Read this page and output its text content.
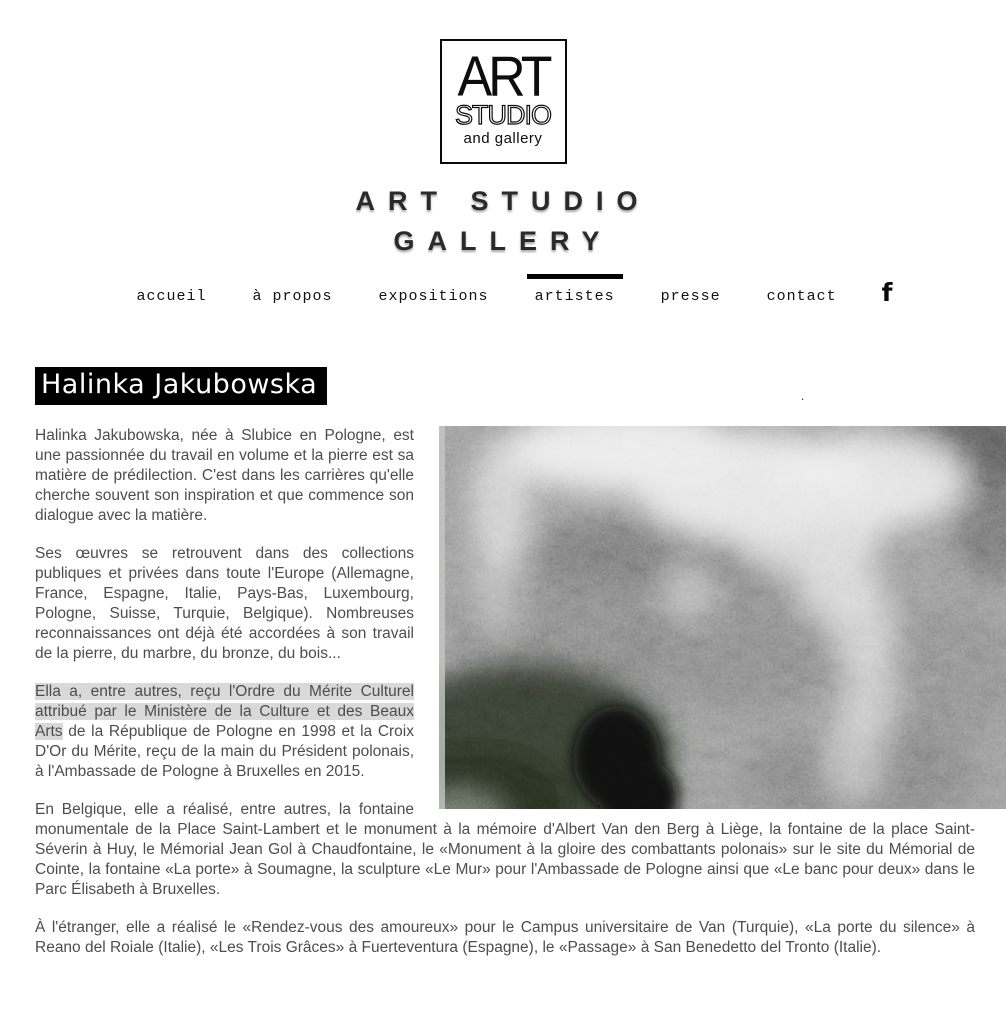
ART
STUDIO
and gallery
ART STUDIO
GALLERY
accueil	à propos	expositions	artistes	presse	contact f
Halinka Jakubowska	.

Halinka Jakubowska, née à Slubice en Pologne, est une passionnée du travail en volume et la pierre est sa matière de prédilection. C'est dans les carrières qu'elle cherche souvent son inspiration et que commence son dialogue avec la matière.

Ses œuvres se retrouvent dans des collections publiques et privées dans toute l'Europe (Allemagne, France, Espagne, Italie, Pays-Bas, Luxembourg, Pologne, Suisse, Turquie, Belgique). Nombreuses reconnaissances ont déjà été accordées à son travail de la pierre, du marbre, du bronze, du bois...

Ella a, entre autres, reçu l'Ordre du Mérite Culturel attribué par le Ministère de la Culture et des Beaux Arts de la République de Pologne en 1998 et la Croix D'Or du Mérite, reçu de la main du Président polonais, à l'Ambassade de Pologne à Bruxelles en 2015.

En Belgique, elle a réalisé, entre autres, la fontaine monumentale de la Place Saint-Lambert et le monument à la mémoire d'Albert Van den Berg à Liège, la fontaine de la place Saint-Séverin à Huy, le Mémorial Jean Gol à Chaudfontaine, le «Monument à la gloire des combattants polonais» sur le site du Mémorial de Cointe, la fontaine «La porte» à Soumagne, la sculpture «Le Mur» pour l'Ambassade de Pologne ainsi que «Le banc pour deux» dans le Parc Élisabeth à Bruxelles.

À l'étranger, elle a réalisé le «Rendez-vous des amoureux» pour le Campus universitaire de Van (Turquie), «La porte du silence» à Reano del Roiale (Italie), «Les Trois Grâces» à Fuerteventura (Espagne), le «Passage» à San Benedetto del Tronto (Italie).
